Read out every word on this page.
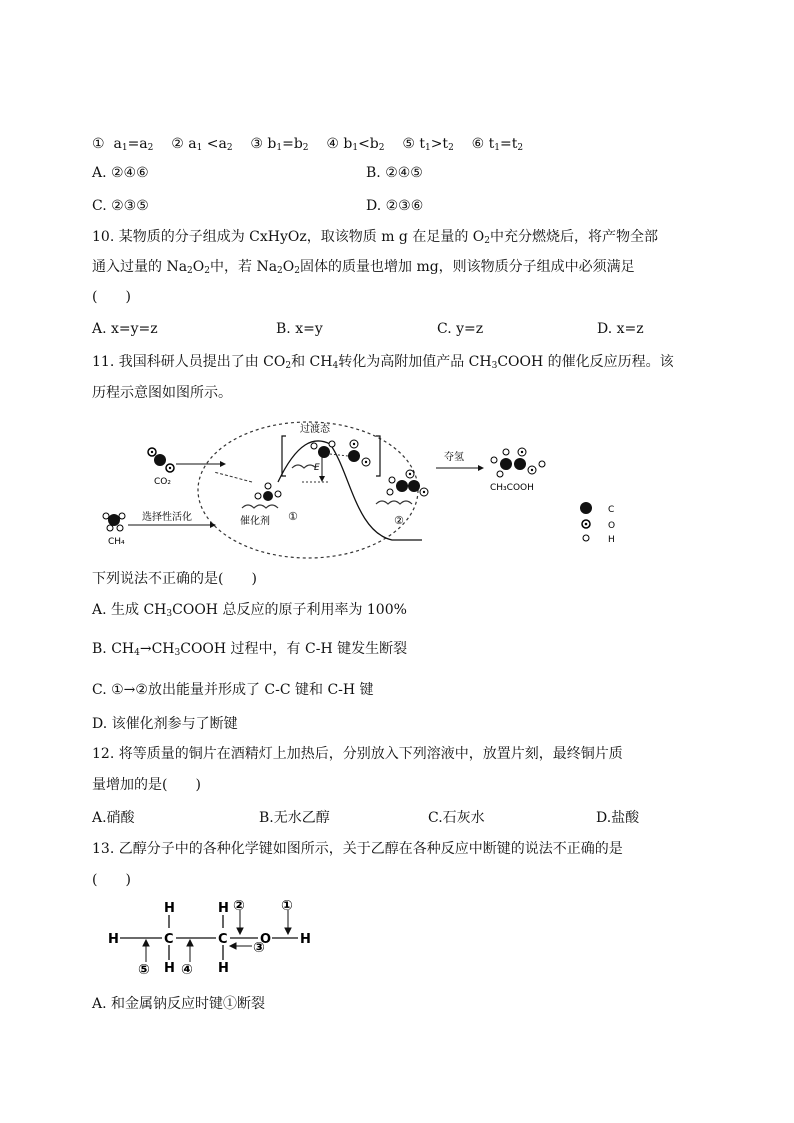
① $a_1=a_2$ ② $a_1 <a_2$ ③ $b_1=b_2$ ④ $b_1<b_2$ ⑤ $t_1>t_2$ ⑥ $t_1=t_2$
A. ②④⑥	B. ②④⑤
C. ②③⑤	D. ②③⑥
10. 某物质的分子组成为 CxHyOz，取该物质 m g 在足量的 $O_2$中充分燃烧后，将产物全部
通入过量的 $Na_2O_2$中，若 $Na_2O_2$固体的质量也增加 mg，则该物质分子组成中必须满足
(　　)
A. x=y=z	B. x=y	C. y=z	D. x=z
11. 我国科研人员提出了由 $CO_2$和 $CH_4$转化为高附加值产品 $CH_3COOH$ 的催化反应历程。该
历程示意图如图所示。
CO₂
CH₄
选择性活化	催化剂 ①
E
过渡态
②
夺氢
CH₃COOH
C
O
H
下列说法不正确的是(　　)
A. 生成 $CH_3COOH$ 总反应的原子利用率为 100%
B. $CH_4\to CH_3COOH$ 过程中，有 C-H 键发生断裂
C. ①→②放出能量并形成了 C-C 键和 C-H 键
D. 该催化剂参与了断键
12. 将等质量的铜片在酒精灯上加热后，分别放入下列溶液中，放置片刻，最终铜片质
量增加的是(　　)
A.硝酸	B.无水乙醇	C.石灰水	D.盐酸
13. 乙醇分子中的各种化学键如图所示，关于乙醇在各种反应中断键的说法不正确的是
(　　)
H	C	C O H
H
H
H
H
①
②
③
④
⑤
A. 和金属钠反应时键①断裂
